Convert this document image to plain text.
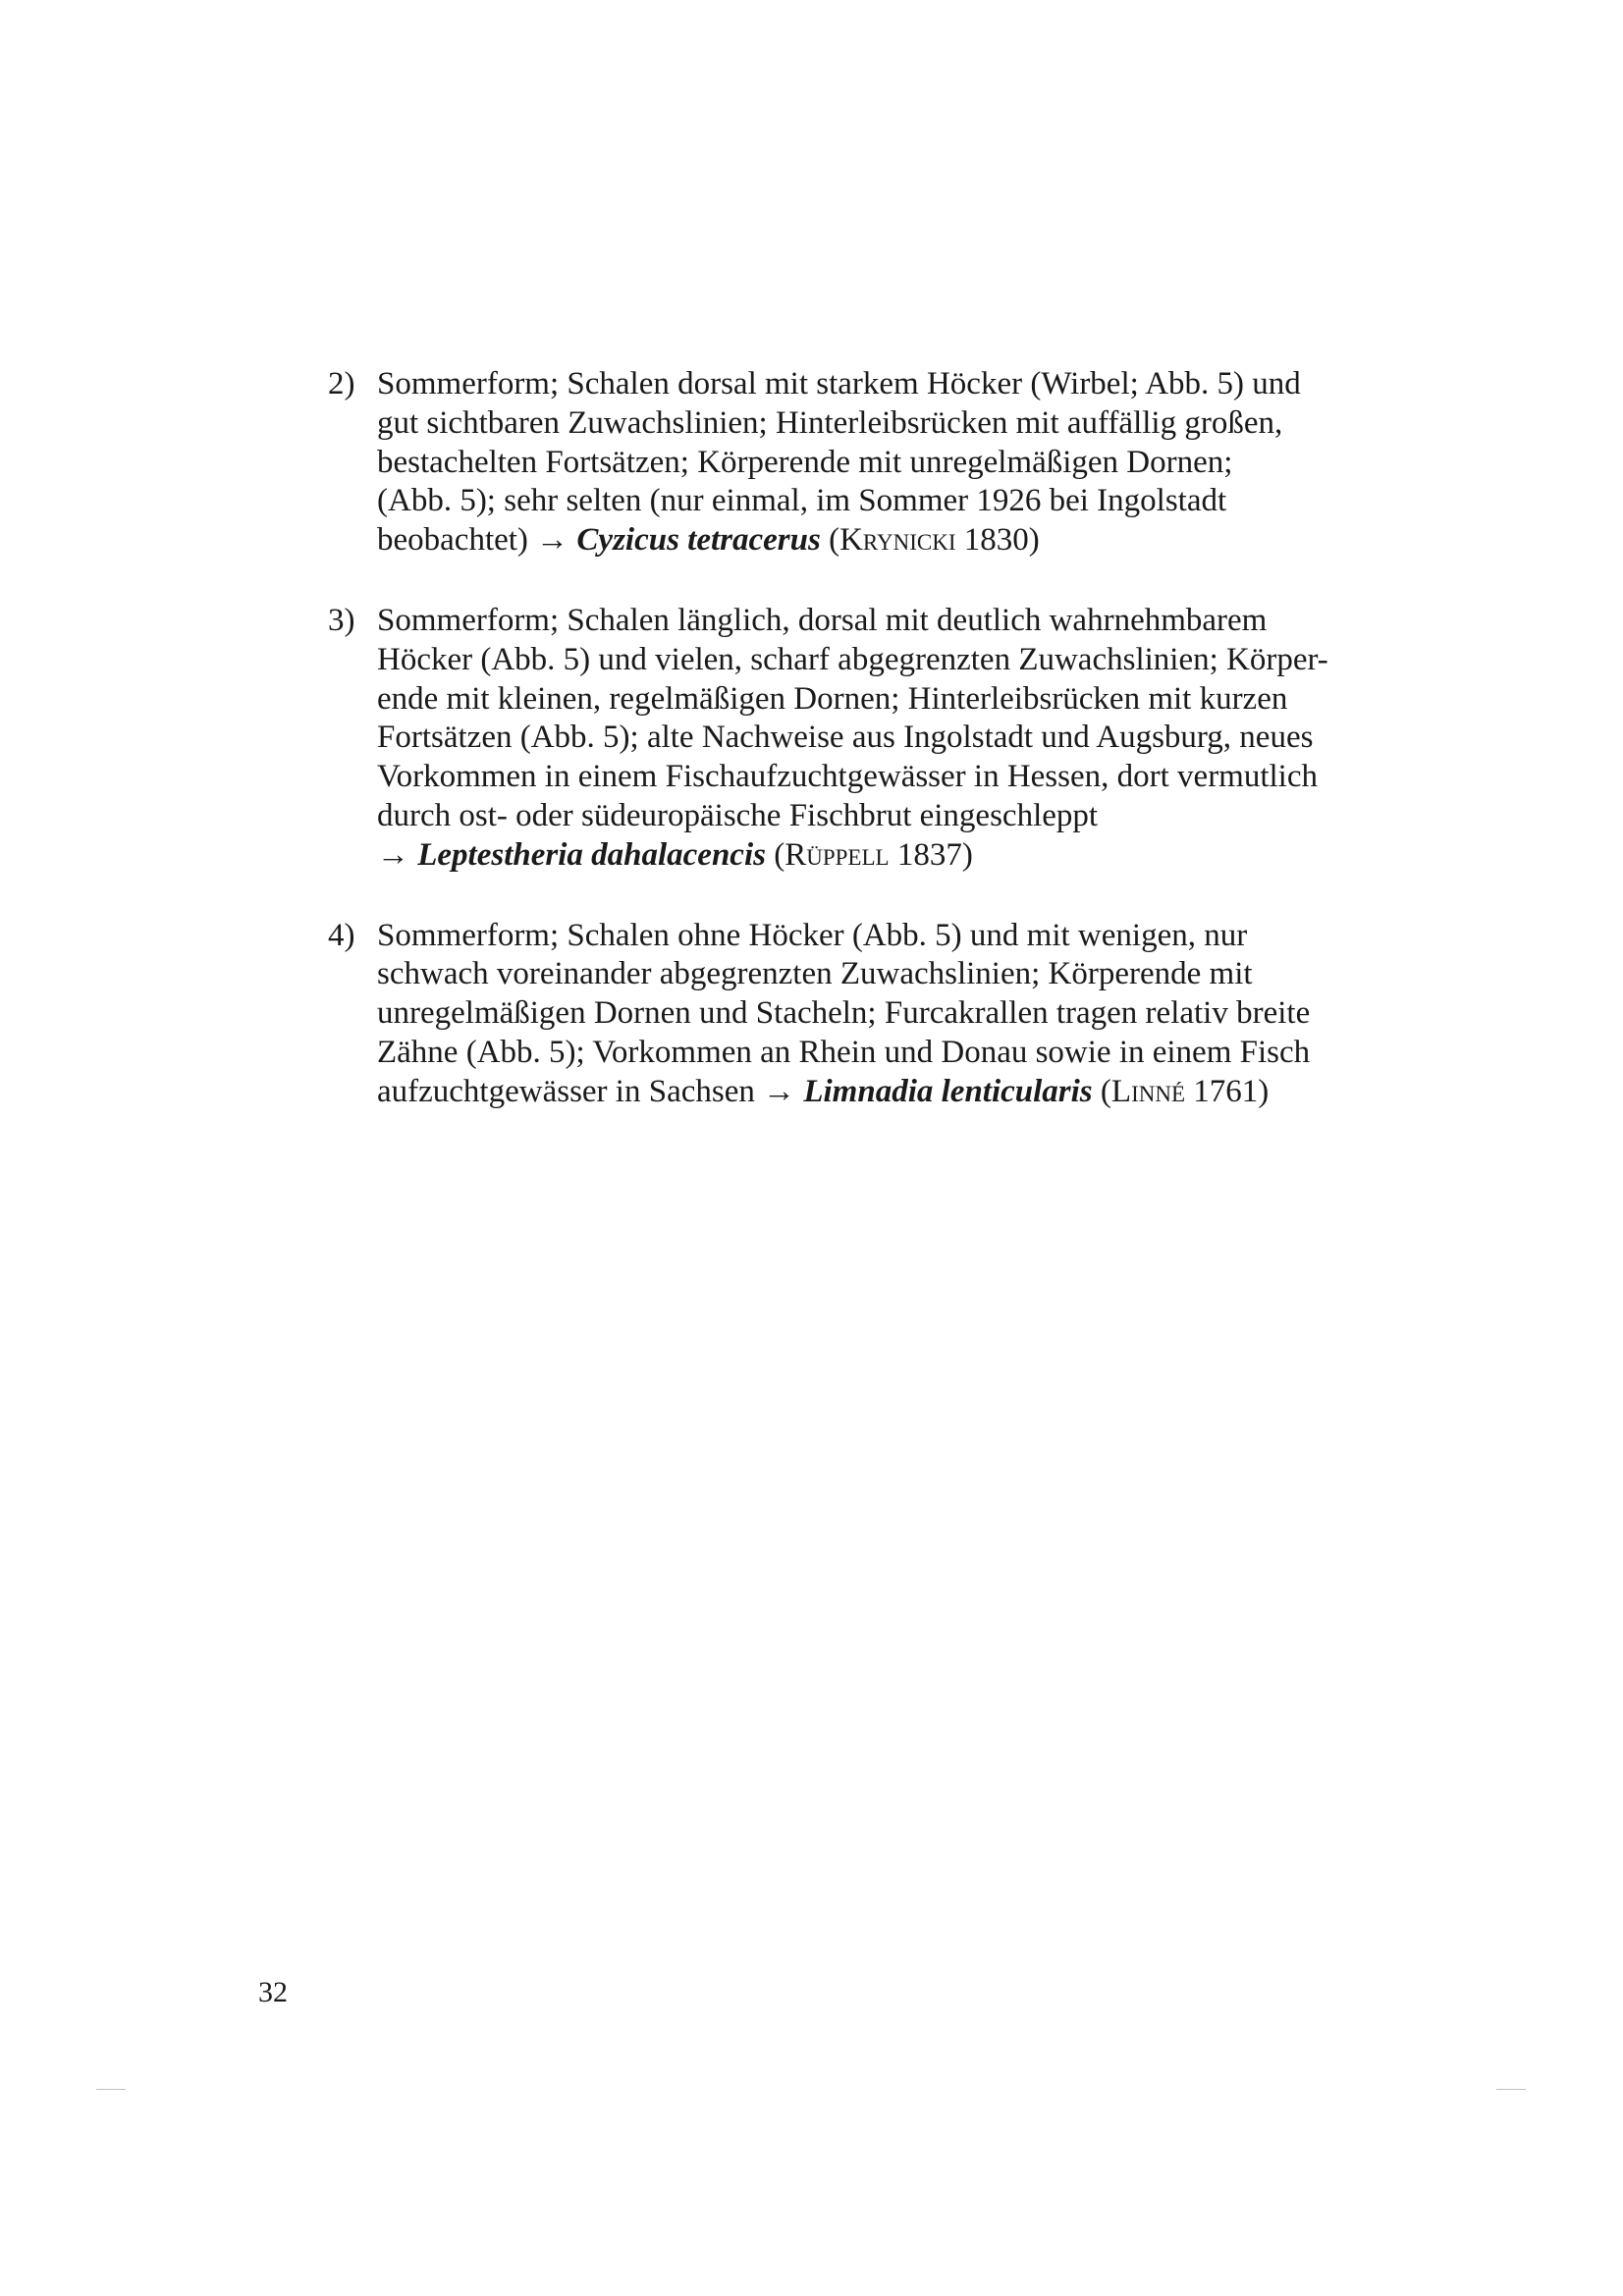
2) Sommerform; Schalen dorsal mit starkem Höcker (Wirbel; Abb. 5) und
gut sichtbaren Zuwachslinien; Hinterleibsrücken mit auffällig großen,
bestachelten Fortsätzen; Körperende mit unregelmäßigen Dornen;
(Abb. 5); sehr selten (nur einmal, im Sommer 1926 bei Ingolstadt
beobachtet) → Cyzicus tetracerus (Krynicki 1830)
3) Sommerform; Schalen länglich, dorsal mit deutlich wahrnehmbarem
Höcker (Abb. 5) und vielen, scharf abgegrenzten Zuwachslinien; Körper-
ende mit kleinen, regelmäßigen Dornen; Hinterleibsrücken mit kurzen
Fortsätzen (Abb. 5); alte Nachweise aus Ingolstadt und Augsburg, neues
Vorkommen in einem Fischaufzuchtgewässer in Hessen, dort vermutlich
durch ost- oder südeuropäische Fischbrut eingeschleppt
→ Leptestheria dahalacencis (Rüppell 1837)
4) Sommerform; Schalen ohne Höcker (Abb. 5) und mit wenigen, nur
schwach voreinander abgegrenzten Zuwachslinien; Körperende mit
unregelmäßigen Dornen und Stacheln; Furcakrallen tragen relativ breite
Zähne (Abb. 5); Vorkommen an Rhein und Donau sowie in einem Fisch
aufzuchtgewässer in Sachsen → Limnadia lenticularis (Linné 1761)
32
